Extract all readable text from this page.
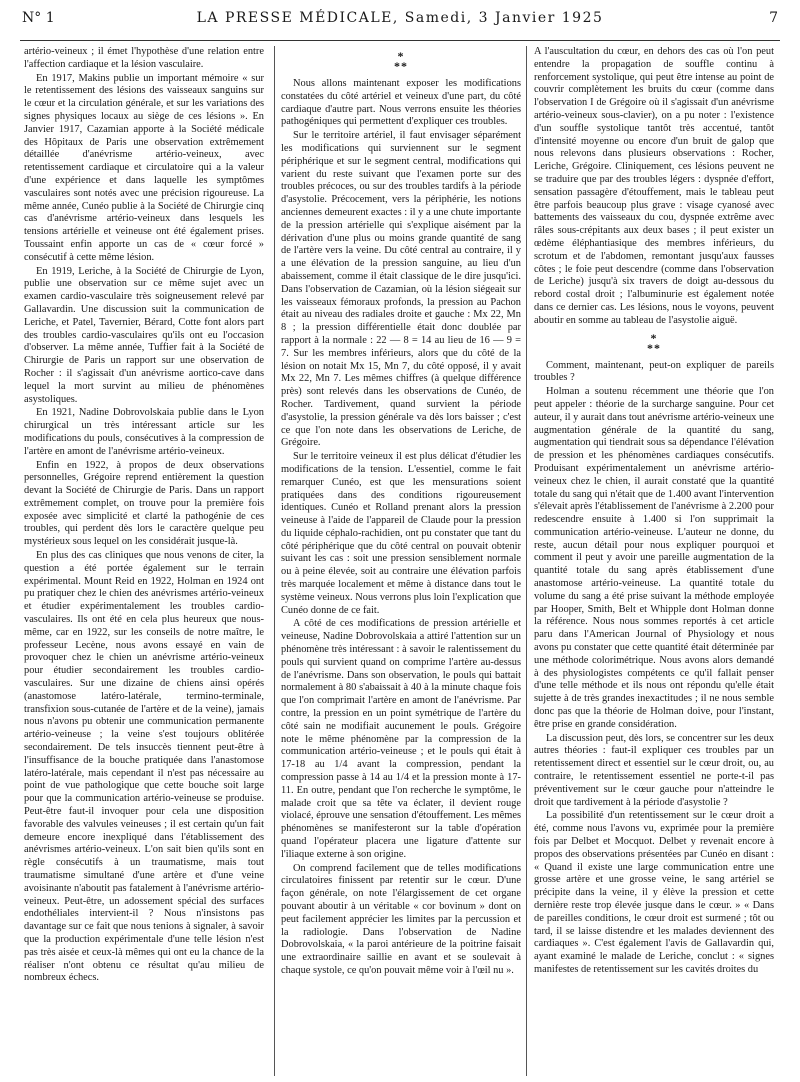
N° 1	LA PRESSE MÉDICALE, Samedi, 3 Janvier 1925	7

artério-veineux ; il émet l'hypothèse d'une relation entre l'affection cardiaque et la lésion vasculaire.

En 1917, Makins publie un important mémoire « sur le retentissement des lésions des vaisseaux sanguins sur le cœur et la circulation générale, et sur les variations des signes physiques locaux au siège de ces lésions ». En Janvier 1917, Cazamian apporte à la Société médicale des Hôpitaux de Paris une observation extrêmement détaillée d'anévrisme artério-veineux, avec retentissement cardiaque et circulatoire qui a la valeur d'une expérience et dans laquelle les symptômes vasculaires sont notés avec une précision rigoureuse. La même année, Cunéo publie à la Société de Chirurgie cinq cas d'anévrisme artério-veineux dans lesquels les tensions artérielle et veineuse ont été également prises. Toussaint enfin apporte un cas de « cœur forcé » consécutif à cette même lésion.

En 1919, Leriche, à la Société de Chirurgie de Lyon, publie une observation sur ce même sujet avec un examen cardio-vasculaire très soigneusement relevé par Gallavardin. Une discussion suit la communication de Leriche, et Patel, Tavernier, Bérard, Cotte font alors part des troubles cardio-vasculaires qu'ils ont eu l'occasion d'observer. La même année, Tuffier fait à la Société de Chirurgie de Paris un rapport sur une observation de Rocher : il s'agissait d'un anévrisme aortico-cave dans lequel la mort survint au milieu de phénomènes asystoliques.

En 1921, Nadine Dobrovolskaia publie dans le Lyon chirurgical un très intéressant article sur les modifications du pouls, consécutives à la compression de l'artère en amont de l'anévrisme artério-veineux.

Enfin en 1922, à propos de deux observations personnelles, Grégoire reprend entièrement la question devant la Société de Chirurgie de Paris. Dans un rapport extrêmement complet, on trouve pour la première fois exposée avec simplicité et clarté la pathogénie de ces troubles, qui perdent dès lors le caractère quelque peu mystérieux sous lequel on les considérait jusque-là.

En plus des cas cliniques que nous venons de citer, la question a été portée également sur le terrain expérimental. Mount Reid en 1922, Holman en 1924 ont pu pratiquer chez le chien des anévrismes artério-veineux et étudier expérimentalement les troubles cardio-vasculaires. Ils ont été en cela plus heureux que nous-même, car en 1922, sur les conseils de notre maître, le professeur Lecène, nous avons essayé en vain de provoquer chez le chien un anévrisme artério-veineux pour étudier secondairement les troubles cardio-vasculaires. Sur une dizaine de chiens ainsi opérés (anastomose latéro-latérale, termino-terminale, transfixion sous-cutanée de l'artère et de la veine), jamais nous n'avons pu obtenir une communication permanente artério-veineuse ; la veine s'est toujours oblitérée secondairement. De tels insuccès tiennent peut-être à l'insuffisance de la bouche pratiquée dans l'anastomose latéro-latérale, mais cependant il n'est pas nécessaire au point de vue pathologique que cette bouche soit large pour que la communication artério-veineuse se produise. Peut-être faut-il invoquer pour cela une disposition favorable des valvules veineuses ; il est certain qu'un fait demeure encore inexpliqué dans l'établissement des anévrismes artério-veineux. L'on sait bien qu'ils sont en règle consécutifs à un traumatisme, mais tout traumatisme simultané d'une artère et d'une veine avoisinante n'aboutit pas fatalement à l'anévrisme artério-veineux. Peut-être, un adossement spécial des surfaces endothéliales intervient-il ? Nous n'insistons pas davantage sur ce fait que nous tenions à signaler, à savoir que la production expérimentale d'une telle lésion n'est pas très aisée et ceux-là mêmes qui ont eu la chance de la réaliser n'ont obtenu ce résultat qu'au milieu de nombreux échecs.

*
**

Nous allons maintenant exposer les modifications constatées du côté artériel et veineux d'une part, du côté cardiaque d'autre part. Nous verrons ensuite les théories pathogéniques qui permettent d'expliquer ces troubles.

Sur le territoire artériel, il faut envisager séparément les modifications qui surviennent sur le segment périphérique et sur le segment central, modifications qui varient du reste suivant que l'examen porte sur des troubles précoces, ou sur des troubles tardifs à la période d'asystolie. Précocement, vers la périphérie, les notions anciennes demeurent exactes : il y a une chute importante de la pression artérielle qui s'explique aisément par la dérivation d'une plus ou moins grande quantité de sang de l'artère vers la veine. Du côté central au contraire, il y a une élévation de la pression sanguine, au lieu d'un abaissement, comme il était classique de le dire jusqu'ici. Dans l'observation de Cazamian, où la lésion siégeait sur les vaisseaux fémoraux profonds, la pression au Pachon était au niveau des radiales droite et gauche : Mx 22, Mn 8 ; la pression différentielle était donc doublée par rapport à la normale : 22 — 8 = 14 au lieu de 16 — 9 = 7. Sur les membres inférieurs, alors que du côté de la lésion on notait Mx 15, Mn 7, du côté opposé, il y avait Mx 22, Mn 7. Les mêmes chiffres (à quelque différence près) sont relevés dans les observations de Cunéo, de Rocher. Tardivement, quand survient la période d'asystolie, la pression générale va dès lors baisser ; c'est ce que l'on note dans les observations de Leriche, de Grégoire.

Sur le territoire veineux il est plus délicat d'étudier les modifications de la tension. L'essentiel, comme le fait remarquer Cunéo, est que les mensurations soient pratiquées dans des conditions rigoureusement identiques. Cunéo et Rolland prenant alors la pression veineuse à l'aide de l'appareil de Claude pour la pression du liquide céphalo-rachidien, ont pu constater que tant du côté périphérique que du côté central on pouvait obtenir suivant les cas : soit une pression sensiblement normale ou à peine élevée, soit au contraire une élévation parfois très marquée localement et même à distance dans tout le système veineux. Nous verrons plus loin l'explication que Cunéo donne de ce fait.

A côté de ces modifications de pression artérielle et veineuse, Nadine Dobrovolskaia a attiré l'attention sur un phénomène très intéressant : à savoir le ralentissement du pouls qui survient quand on comprime l'artère au-dessus de l'anévrisme. Dans son observation, le pouls qui battait normalement à 80 s'abaissait à 40 à la minute chaque fois que l'on comprimait l'artère en amont de l'anévrisme. Par contre, la pression en un point symétrique de l'artère du côté sain ne modifiait aucunement le pouls. Grégoire note le même phénomène par la compression de la communication artério-veineuse ; et le pouls qui était à 17-18 au 1/4 avant la compression, pendant la compression passe à 14 au 1/4 et la pression monte à 17-11. En outre, pendant que l'on recherche le symptôme, le malade croit que sa tête va éclater, il devient rouge violacé, éprouve une sensation d'étouffement. Les mêmes phénomènes se manifesteront sur la table d'opération quand l'opérateur placera une ligature d'attente sur l'iliaque externe à son origine.

On comprend facilement que de telles modifications circulatoires finissent par retentir sur le cœur. D'une façon générale, on note l'élargissement de cet organe pouvant aboutir à un véritable « cor bovinum » dont on peut facilement apprécier les limites par la percussion et la radiologie. Dans l'observation de Nadine Dobrovolskaia, « la paroi antérieure de la poitrine faisait une extraordinaire saillie en avant et se soulevait à chaque systole, ce qu'on pouvait même voir à l'œil nu ».

A l'auscultation du cœur, en dehors des cas où l'on peut entendre la propagation de souffle continu à renforcement systolique, qui peut être intense au point de couvrir complètement les bruits du cœur (comme dans l'observation I de Grégoire où il s'agissait d'un anévrisme artério-veineux sous-clavier), on a pu noter : l'existence d'un souffle systolique tantôt très accentué, tantôt d'intensité moyenne ou encore d'un bruit de galop que nous relevons dans plusieurs observations : Rocher, Leriche, Grégoire. Cliniquement, ces lésions peuvent ne se traduire que par des troubles légers : dyspnée d'effort, sensation passagère d'étouffement, mais le tableau peut être parfois beaucoup plus grave : visage cyanosé avec battements des vaisseaux du cou, dyspnée extrême avec râles sous-crépitants aux deux bases ; il peut exister un œdème éléphantiasique des membres inférieurs, du scrotum et de l'abdomen, remontant jusqu'aux fausses côtes ; le foie peut descendre (comme dans l'observation de Leriche) jusqu'à six travers de doigt au-dessous du rebord costal droit ; l'albuminurie est également notée dans ce dernier cas. Les lésions, nous le voyons, peuvent aboutir en somme au tableau de l'asystolie aiguë.

*
**

Comment, maintenant, peut-on expliquer de pareils troubles ?

Holman a soutenu récemment une théorie que l'on peut appeler : théorie de la surcharge sanguine. Pour cet auteur, il y aurait dans tout anévrisme artério-veineux une augmentation générale de la quantité du sang, augmentation qui tiendrait sous sa dépendance l'élévation de pression et les phénomènes cardiaques consécutifs. Produisant expérimentalement un anévrisme artério-veineux chez le chien, il aurait constaté que la quantité totale du sang qui n'était que de 1.400 avant l'intervention s'élevait après l'établissement de l'anévrisme à 2.200 pour redescendre ensuite à 1.400 si l'on supprimait la communication artério-veineuse. L'auteur ne donne, du reste, aucun détail pour nous expliquer pourquoi et comment il peut y avoir une pareille augmentation de la quantité totale du sang après établissement d'une anastomose artério-veineuse. La quantité totale du volume du sang a été prise suivant la méthode employée par Hooper, Smith, Belt et Whipple dont Holman donne la référence. Nous nous sommes reportés à cet article paru dans l'American Journal of Physiology et nous avons pu constater que cette quantité était déterminée par une méthode colorimétrique. Nous avons alors demandé à des physiologistes compétents ce qu'il fallait penser d'une telle méthode et ils nous ont répondu qu'elle était sujette à de très grandes inexactitudes ; il ne nous semble donc pas que la théorie de Holman doive, pour l'instant, être prise en grande considération.

La discussion peut, dès lors, se concentrer sur les deux autres théories : faut-il expliquer ces troubles par un retentissement direct et essentiel sur le cœur droit, ou, au contraire, le retentissement essentiel ne porte-t-il pas préventivement sur le cœur gauche pour n'atteindre le droit que tardivement à la période d'asystolie ?

La possibilité d'un retentissement sur le cœur droit a été, comme nous l'avons vu, exprimée pour la première fois par Delbet et Mocquot. Delbet y revenait encore à propos des observations présentées par Cunéo en disant : « Quand il existe une large communication entre une grosse artère et une grosse veine, le sang artériel se précipite dans la veine, il y élève la pression et cette dernière reste trop élevée jusque dans le cœur. » « Dans de pareilles conditions, le cœur droit est surmené ; tôt ou tard, il se laisse distendre et les malades deviennent des cardiaques ». C'est également l'avis de Gallavardin qui, ayant examiné le malade de Leriche, conclut : « signes manifestes de retentissement sur les cavités droites du
